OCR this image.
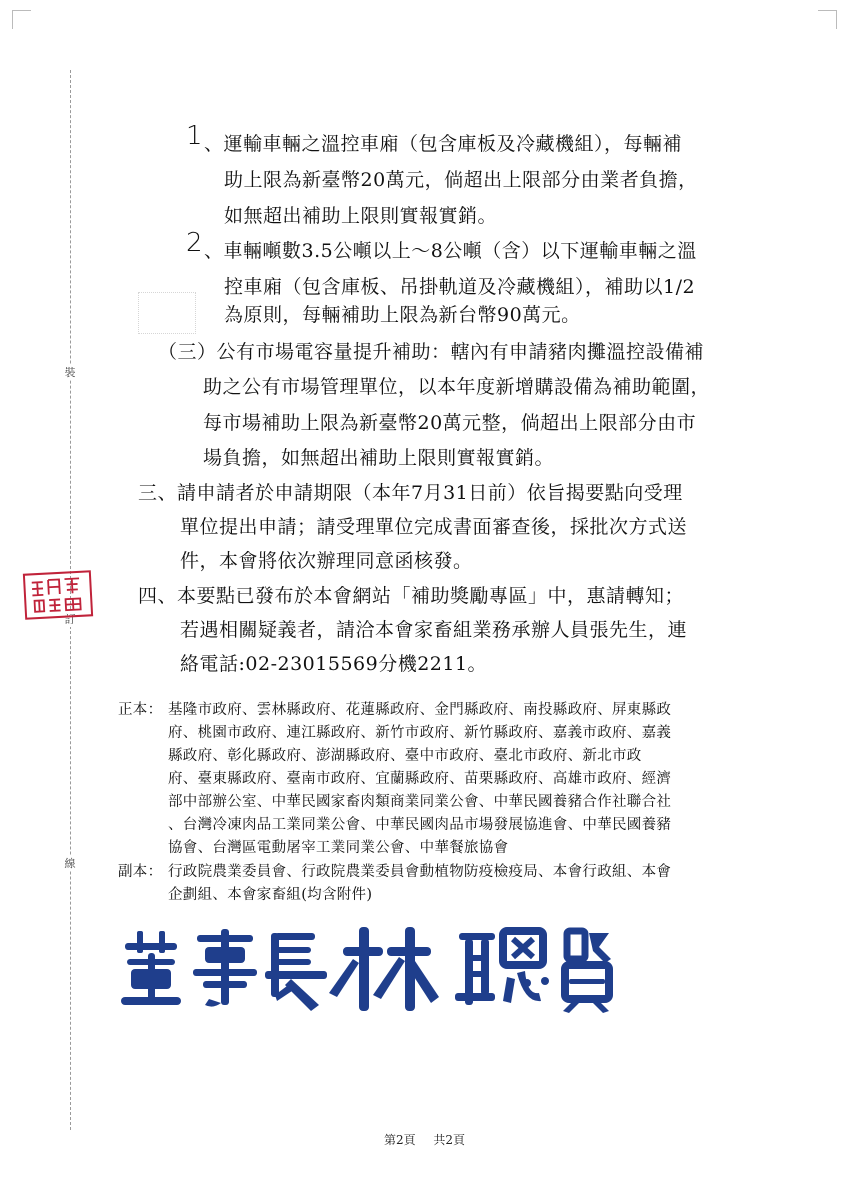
裝
訂
線
1 、運輸車輛之溫控車廂（包含庫板及冷藏機組），每輛補
助上限為新臺幣20萬元，倘超出上限部分由業者負擔，
如無超出補助上限則實報實銷。
2 、車輛噸數3.5公噸以上～8公噸（含）以下運輸車輛之溫
控車廂（包含庫板、吊掛軌道及冷藏機組），補助以1/2
為原則，每輛補助上限為新台幣90萬元。
（三）公有市場電容量提升補助：轄內有申請豬肉攤溫控設備補
助之公有市場管理單位，以本年度新增購設備為補助範圍，
每市場補助上限為新臺幣20萬元整，倘超出上限部分由市
場負擔，如無超出補助上限則實報實銷。
三、請申請者於申請期限（本年7月31日前）依旨揭要點向受理
單位提出申請；請受理單位完成書面審查後，採批次方式送
件，本會將依次辦理同意函核發。
四、本要點已發布於本會網站「補助獎勵專區」中，惠請轉知；
若遇相關疑義者，請洽本會家畜組業務承辦人員張先生，連
絡電話:02-23015569分機2211。
正本： 基隆市政府、雲林縣政府、花蓮縣政府、金門縣政府、南投縣政府、屏東縣政
府、桃園市政府、連江縣政府、新竹市政府、新竹縣政府、嘉義市政府、嘉義
縣政府、彰化縣政府、澎湖縣政府、臺中市政府、臺北市政府、新北市政
府、臺東縣政府、臺南市政府、宜蘭縣政府、苗栗縣政府、高雄市政府、經濟
部中部辦公室、中華民國家畜肉類商業同業公會、中華民國養豬合作社聯合社
、台灣冷凍肉品工業同業公會、中華民國肉品市場發展協進會、中華民國養豬
協會、台灣區電動屠宰工業同業公會、中華餐旅協會
副本： 行政院農業委員會、行政院農業委員會動植物防疫檢疫局、本會行政組、本會
企劃組、本會家畜組(均含附件)
第2頁 共2頁
